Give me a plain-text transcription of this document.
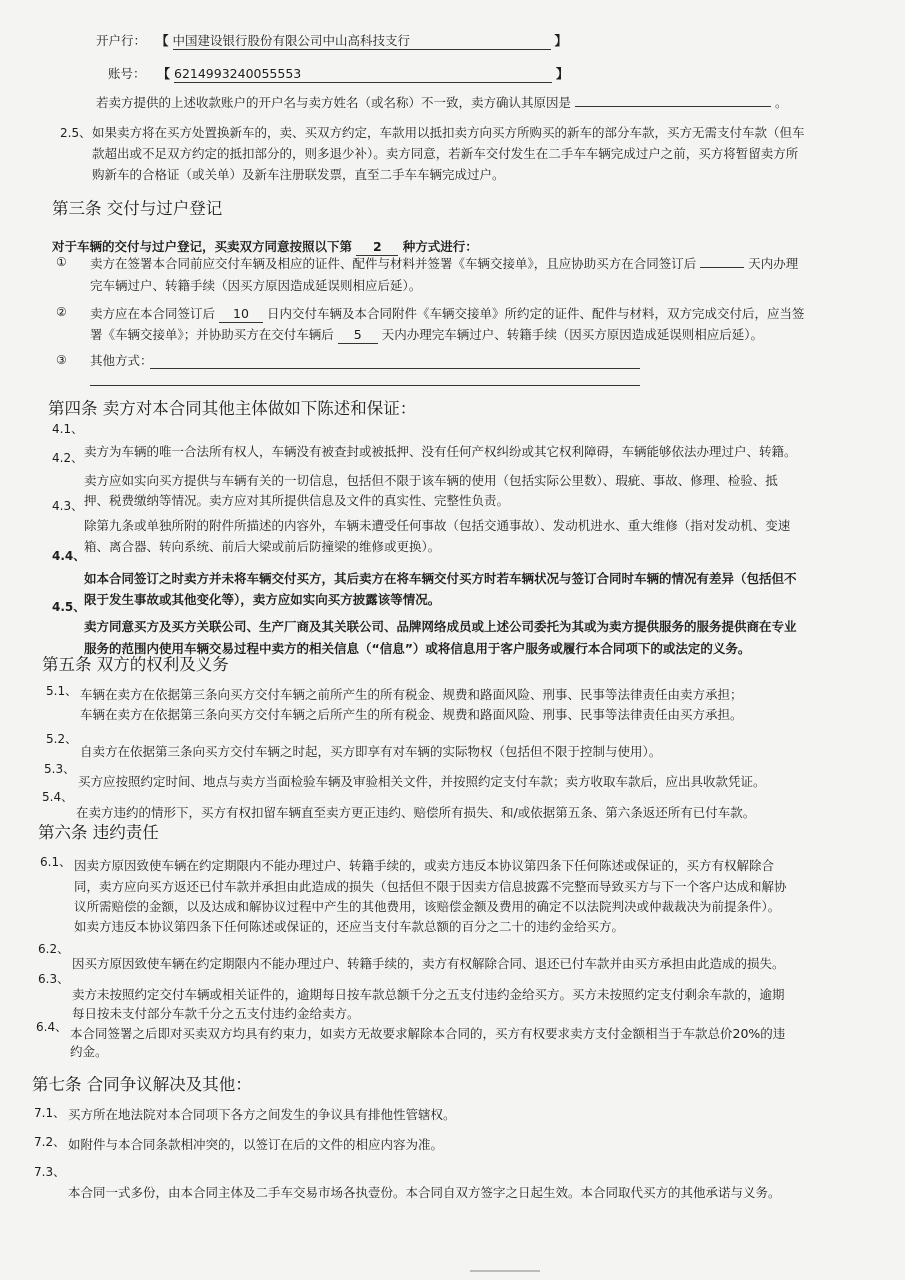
开户行： 【 中国建设银行股份有限公司中山高科技支行	】
账号： 【 6214993240055553	】
若卖方提供的上述收款账户的开户名与卖方姓名（或名称）不一致，卖方确认其原因是	。
2.5、 如果卖方将在买方处置换新车的，卖、买双方约定，车款用以抵扣卖方向买方所购买的新车的部分车款，买方无需支付车款（但车
款超出或不足双方约定的抵扣部分的，则多退少补）。卖方同意，若新车交付发生在二手车车辆完成过户之前，买方将暂留卖方所
购新车的合格证（或关单）及新车注册联发票，直至二手车车辆完成过户。
第三条 交付与过户登记
对于车辆的交付与过户登记，买卖双方同意按照以下第 2 种方式进行：
① 卖方在签署本合同前应交付车辆及相应的证件、配件与材料并签署《车辆交接单》，且应协助买方在合同签订后	天内办理
完车辆过户、转籍手续（因买方原因造成延误则相应后延）。
② 卖方应在本合同签订后 10 日内交付车辆及本合同附件《车辆交接单》所约定的证件、配件与材料，双方完成交付后，应当签
署《车辆交接单》；并协助买方在交付车辆后 5 天内办理完车辆过户、转籍手续（因买方原因造成延误则相应后延）。
③ 其他方式：
第四条 卖方对本合同其他主体做如下陈述和保证：
4.1、
卖方为车辆的唯一合法所有权人，车辆没有被查封或被抵押、没有任何产权纠纷或其它权利障碍，车辆能够依法办理过户、转籍。
4.2、
卖方应如实向买方提供与车辆有关的一切信息，包括但不限于该车辆的使用（包括实际公里数）、瑕疵、事故、修理、检验、抵
押、税费缴纳等情况。卖方应对其所提供信息及文件的真实性、完整性负责。
4.3、
除第九条或单独所附的附件所描述的内容外，车辆未遭受任何事故（包括交通事故）、发动机进水、重大维修（指对发动机、变速
箱、离合器、转向系统、前后大梁或前后防撞梁的维修或更换）。
4.4、
如本合同签订之时卖方并未将车辆交付买方，其后卖方在将车辆交付买方时若车辆状况与签订合同时车辆的情况有差异（包括但不
限于发生事故或其他变化等），卖方应如实向买方披露该等情况。
4.5、
卖方同意买方及买方关联公司、生产厂商及其关联公司、品牌网络成员或上述公司委托为其或为卖方提供服务的服务提供商在专业
服务的范围内使用车辆交易过程中卖方的相关信息（“信息”）或将信息用于客户服务或履行本合同项下的或法定的义务。
第五条 双方的权利及义务
5.1、 车辆在卖方在依据第三条向买方交付车辆之前所产生的所有税金、规费和路面风险、刑事、民事等法律责任由卖方承担；
车辆在卖方在依据第三条向买方交付车辆之后所产生的所有税金、规费和路面风险、刑事、民事等法律责任由买方承担。
5.2、
自卖方在依据第三条向买方交付车辆之时起，买方即享有对车辆的实际物权（包括但不限于控制与使用）。
5.3、
买方应按照约定时间、地点与卖方当面检验车辆及审验相关文件，并按照约定支付车款；卖方收取车款后，应出具收款凭证。
5.4、
在卖方违约的情形下，买方有权扣留车辆直至卖方更正违约、赔偿所有损失、和/或依据第五条、第六条返还所有已付车款。
第六条 违约责任
6.1、 因卖方原因致使车辆在约定期限内不能办理过户、转籍手续的，或卖方违反本协议第四条下任何陈述或保证的，买方有权解除合
同，卖方应向买方返还已付车款并承担由此造成的损失（包括但不限于因卖方信息披露不完整而导致买方与下一个客户达成和解协
议所需赔偿的金额，以及达成和解协议过程中产生的其他费用，该赔偿金额及费用的确定不以法院判决或仲裁裁决为前提条件）。
如卖方违反本协议第四条下任何陈述或保证的，还应当支付车款总额的百分之二十的违约金给买方。
6.2、
因买方原因致使车辆在约定期限内不能办理过户、转籍手续的，卖方有权解除合同、退还已付车款并由买方承担由此造成的损失。
6.3、
卖方未按照约定交付车辆或相关证件的，逾期每日按车款总额千分之五支付违约金给买方。买方未按照约定支付剩余车款的，逾期
每日按未支付部分车款千分之五支付违约金给卖方。
6.4、 本合同签署之后即对买卖双方均具有约束力，如卖方无故要求解除本合同的，买方有权要求卖方支付金额相当于车款总价20%的违
约金。
第七条 合同争议解决及其他：
7.1、 买方所在地法院对本合同项下各方之间发生的争议具有排他性管辖权。
7.2、 如附件与本合同条款相冲突的，以签订在后的文件的相应内容为准。
7.3、
本合同一式多份，由本合同主体及二手车交易市场各执壹份。本合同自双方签字之日起生效。本合同取代买方的其他承诺与义务。
